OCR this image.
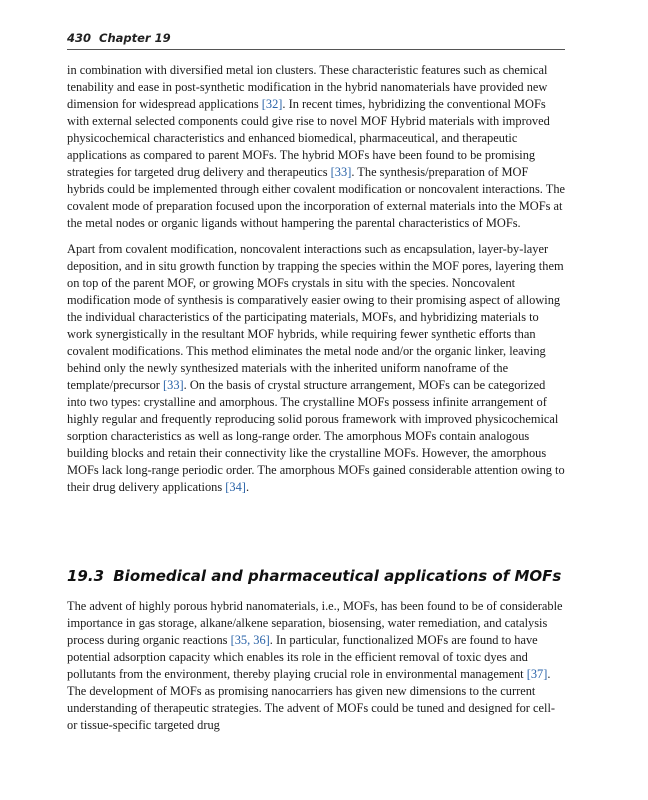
430 Chapter 19

in combination with diversified metal ion clusters. These characteristic features such as chemical tenability and ease in post-synthetic modification in the hybrid nanomaterials have provided new dimension for widespread applications [32]. In recent times, hybridizing the conventional MOFs with external selected components could give rise to novel MOF Hybrid materials with improved physicochemical characteristics and enhanced biomedical, pharmaceutical, and therapeutic applications as compared to parent MOFs. The hybrid MOFs have been found to be promising strategies for targeted drug delivery and therapeutics [33]. The synthesis/preparation of MOF hybrids could be implemented through either covalent modification or noncovalent interactions. The covalent mode of preparation focused upon the incorporation of external materials into the MOFs at the metal nodes or organic ligands without hampering the parental characteristics of MOFs.

Apart from covalent modification, noncovalent interactions such as encapsulation, layer-by-layer deposition, and in situ growth function by trapping the species within the MOF pores, layering them on top of the parent MOF, or growing MOFs crystals in situ with the species. Noncovalent modification mode of synthesis is comparatively easier owing to their promising aspect of allowing the individual characteristics of the participating materials, MOFs, and hybridizing materials to work synergistically in the resultant MOF hybrids, while requiring fewer synthetic efforts than covalent modifications. This method eliminates the metal node and/or the organic linker, leaving behind only the newly synthesized materials with the inherited uniform nanoframe of the template/precursor [33]. On the basis of crystal structure arrangement, MOFs can be categorized into two types: crystalline and amorphous. The crystalline MOFs possess infinite arrangement of highly regular and frequently reproducing solid porous framework with improved physicochemical sorption characteristics as well as long-range order. The amorphous MOFs contain analogous building blocks and retain their connectivity like the crystalline MOFs. However, the amorphous MOFs lack long-range periodic order. The amorphous MOFs gained considerable attention owing to their drug delivery applications [34].

19.3 Biomedical and pharmaceutical applications of MOFs

The advent of highly porous hybrid nanomaterials, i.e., MOFs, has been found to be of considerable importance in gas storage, alkane/alkene separation, biosensing, water remediation, and catalysis process during organic reactions [35, 36]. In particular, functionalized MOFs are found to have potential adsorption capacity which enables its role in the efficient removal of toxic dyes and pollutants from the environment, thereby playing crucial role in environmental management [37]. The development of MOFs as promising nanocarriers has given new dimensions to the current understanding of therapeutic strategies. The advent of MOFs could be tuned and designed for cell- or tissue-specific targeted drug
